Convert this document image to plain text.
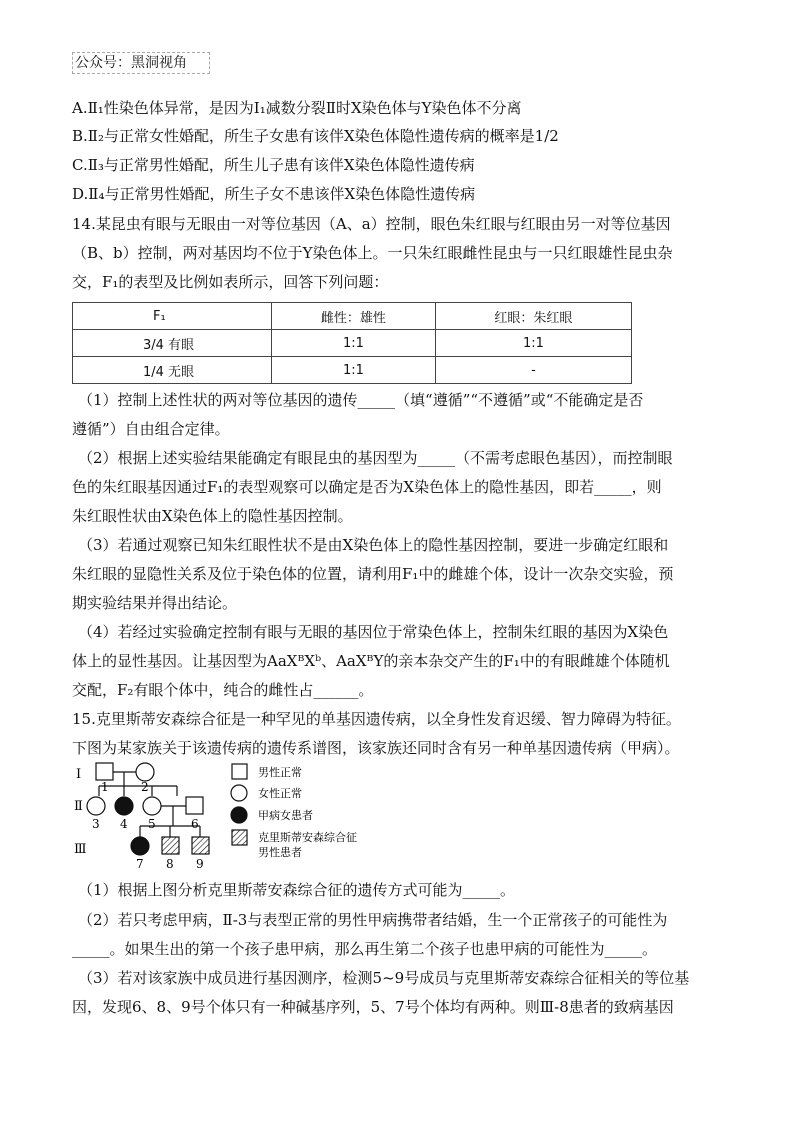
公众号：黑洞视角
A.Ⅱ₁性染色体异常，是因为Ⅰ₁减数分裂Ⅱ时X染色体与Y染色体不分离
B.Ⅱ₂与正常女性婚配，所生子女患有该伴X染色体隐性遗传病的概率是1/2
C.Ⅱ₃与正常男性婚配，所生儿子患有该伴X染色体隐性遗传病
D.Ⅱ₄与正常男性婚配，所生子女不患该伴X染色体隐性遗传病
14.某昆虫有眼与无眼由一对等位基因（A、a）控制，眼色朱红眼与红眼由另一对等位基因
（B、b）控制，两对基因均不位于Y染色体上。一只朱红眼雌性昆虫与一只红眼雄性昆虫杂
交，F₁的表型及比例如表所示，回答下列问题：
F₁	雌性：雄性	红眼：朱红眼
3/4 有眼	1:1	1:1
1/4 无眼	1:1	-
（1）控制上述性状的两对等位基因的遗传_____（填“遵循”“不遵循”或“不能确定是否
遵循”）自由组合定律。
（2）根据上述实验结果能确定有眼昆虫的基因型为_____（不需考虑眼色基因），而控制眼
色的朱红眼基因通过F₁的表型观察可以确定是否为X染色体上的隐性基因，即若_____，则
朱红眼性状由X染色体上的隐性基因控制。
（3）若通过观察已知朱红眼性状不是由X染色体上的隐性基因控制，要进一步确定红眼和
朱红眼的显隐性关系及位于染色体的位置，请利用F₁中的雌雄个体，设计一次杂交实验，预
期实验结果并得出结论。
（4）若经过实验确定控制有眼与无眼的基因位于常染色体上，控制朱红眼的基因为X染色
体上的显性基因。让基因型为AaXᴮXᵇ、AaXᴮY的亲本杂交产生的F₁中的有眼雌雄个体随机
交配，F₂有眼个体中，纯合的雌性占______。
15.克里斯蒂安森综合征是一种罕见的单基因遗传病，以全身性发育迟缓、智力障碍为特征。
下图为某家族关于该遗传病的遗传系谱图，该家族还同时含有另一种单基因遗传病（甲病）。
I
Ⅱ
Ⅲ
1	2
3 4 5	6
7 8 9
男性正常
女性正常
甲病女患者
克里斯蒂安森综合征
男性患者
（1）根据上图分析克里斯蒂安森综合征的遗传方式可能为_____。
（2）若只考虑甲病，Ⅱ-3与表型正常的男性甲病携带者结婚，生一个正常孩子的可能性为
_____。如果生出的第一个孩子患甲病，那么再生第二个孩子也患甲病的可能性为_____。
（3）若对该家族中成员进行基因测序，检测5~9号成员与克里斯蒂安森综合征相关的等位基
因，发现6、8、9号个体只有一种碱基序列，5、7号个体均有两种。则Ⅲ-8患者的致病基因
